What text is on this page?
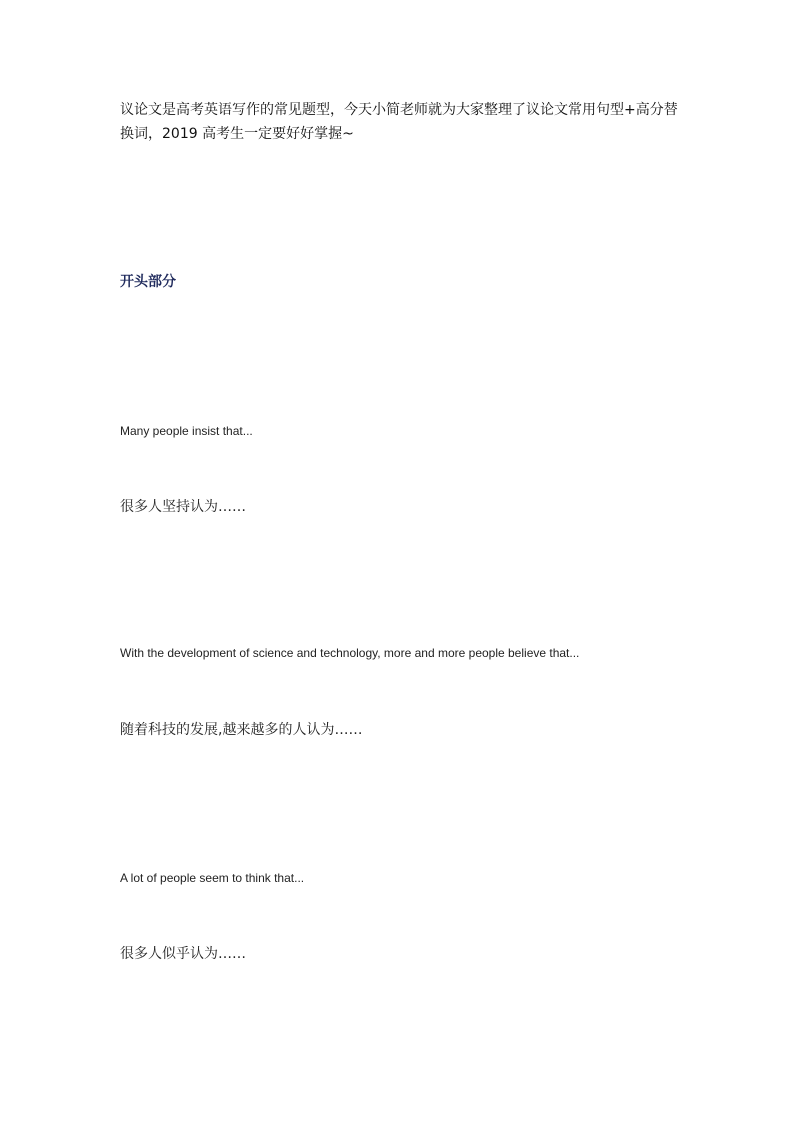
议论文是高考英语写作的常见题型，今天小简老师就为大家整理了议论文常用句型+高分替换词，2019 高考生一定要好好掌握~
开头部分
Many people insist that...
很多人坚持认为……
With the development of science and technology, more and more people believe that...
随着科技的发展,越来越多的人认为……
A lot of people seem to think that...
很多人似乎认为……
